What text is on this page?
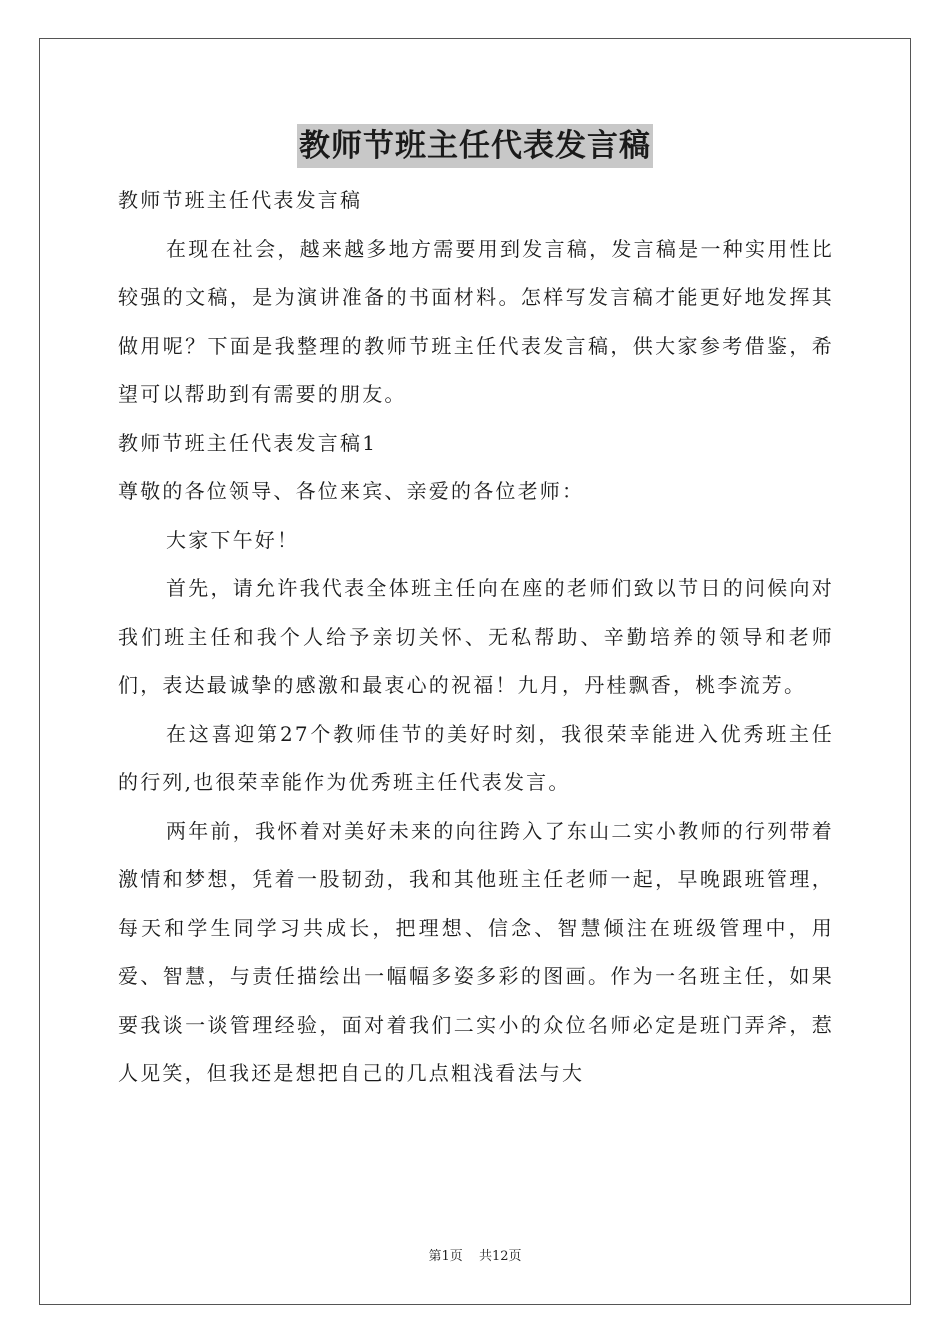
教师节班主任代表发言稿

教师节班主任代表发言稿

在现在社会，越来越多地方需要用到发言稿，发言稿是一种实用性比较强的文稿，是为演讲准备的书面材料。怎样写发言稿才能更好地发挥其做用呢？下面是我整理的教师节班主任代表发言稿，供大家参考借鉴，希望可以帮助到有需要的朋友。

教师节班主任代表发言稿1

尊敬的各位领导、各位来宾、亲爱的各位老师：

大家下午好！

首先，请允许我代表全体班主任向在座的老师们致以节日的问候向对我们班主任和我个人给予亲切关怀、无私帮助、辛勤培养的领导和老师们，表达最诚挚的感激和最衷心的祝福！九月，丹桂飘香，桃李流芳。

在这喜迎第27个教师佳节的美好时刻，我很荣幸能进入优秀班主任的行列,也很荣幸能作为优秀班主任代表发言。

两年前，我怀着对美好未来的向往跨入了东山二实小教师的行列带着激情和梦想，凭着一股韧劲，我和其他班主任老师一起，早晚跟班管理，每天和学生同学习共成长，把理想、信念、智慧倾注在班级管理中，用爱、智慧，与责任描绘出一幅幅多姿多彩的图画。作为一名班主任，如果要我谈一谈管理经验，面对着我们二实小的众位名师必定是班门弄斧，惹人见笑，但我还是想把自己的几点粗浅看法与大

第1页 共12页
